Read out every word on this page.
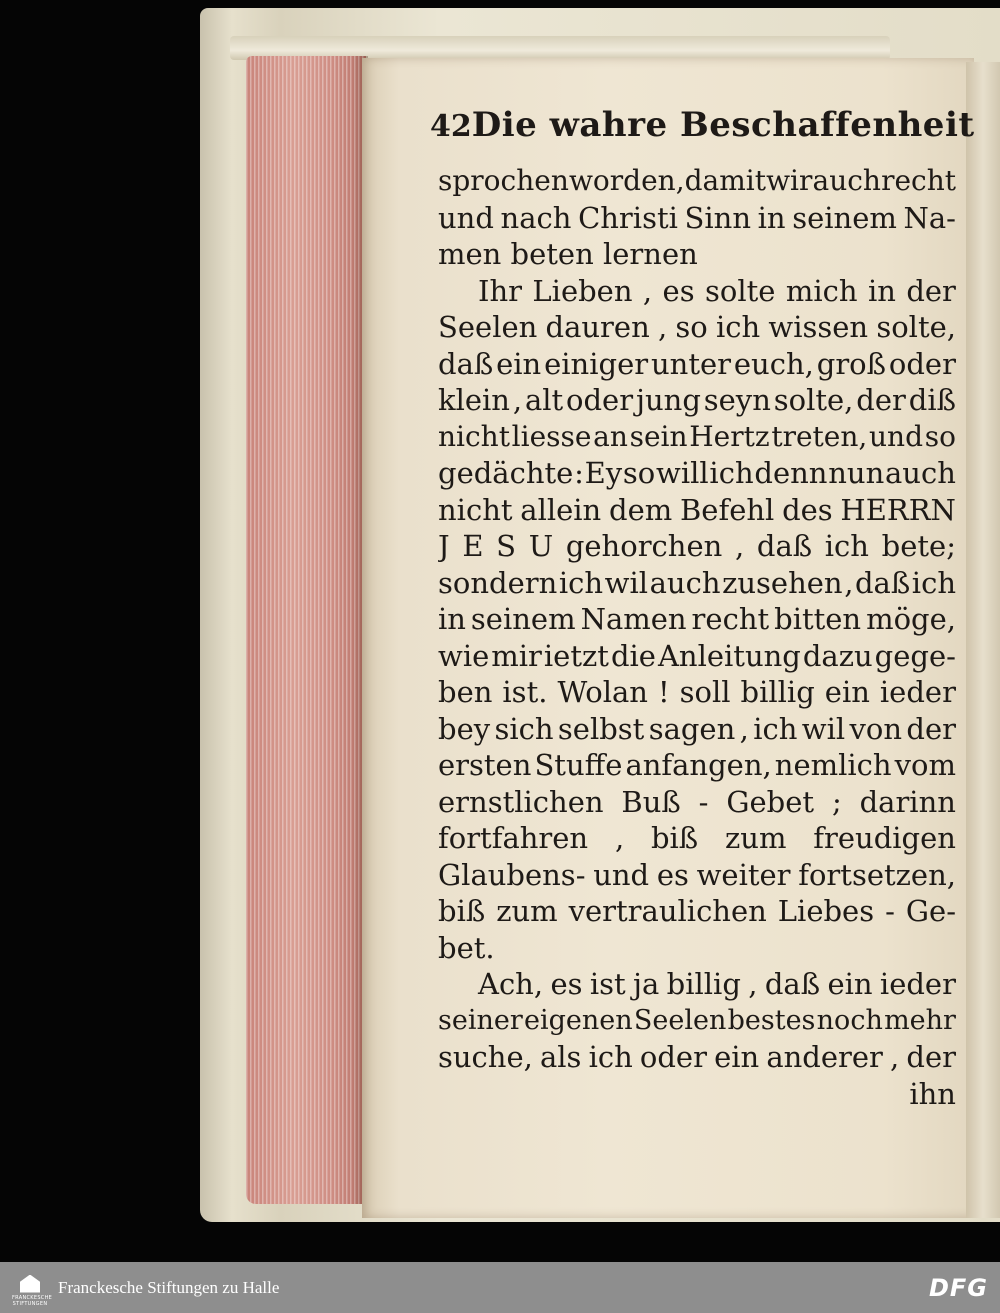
42 Die wahre Beschaffenheit
sprochen worden,damit wir auch recht
und nach Christi Sinn in seinem Na-
men beten lernen
Ihr Lieben , es solte mich in der
Seelen dauren , so ich wissen solte,
daß ein einiger unter euch, groß oder
klein , alt oder jung seyn solte, der diß
nicht liesse an sein Hertz treten, und so
gedächte : Ey so will ich denn nun auch
nicht allein dem Befehl des HERRN
J E S U gehorchen , daß ich bete;
sondern ich wil auch zusehen , daß ich
in seinem Namen recht bitten möge,
wie mir ietzt die Anleitung dazu gege-
ben ist. Wolan ! soll billig ein ieder
bey sich selbst sagen , ich wil von der
ersten Stuffe anfangen, nemlich vom
ernstlichen Buß - Gebet ; darinn
fortfahren , biß zum freudigen
Glaubens- und es weiter fortsetzen,
biß zum vertraulichen Liebes - Ge-
bet.
Ach, es ist ja billig , daß ein ieder
seiner eigenen Seelen bestes noch mehr
suche, als ich oder ein anderer , der
ihn
FRANCKESCHE
STIFTUNGEN
Franckesche Stiftungen zu Halle	DFG
